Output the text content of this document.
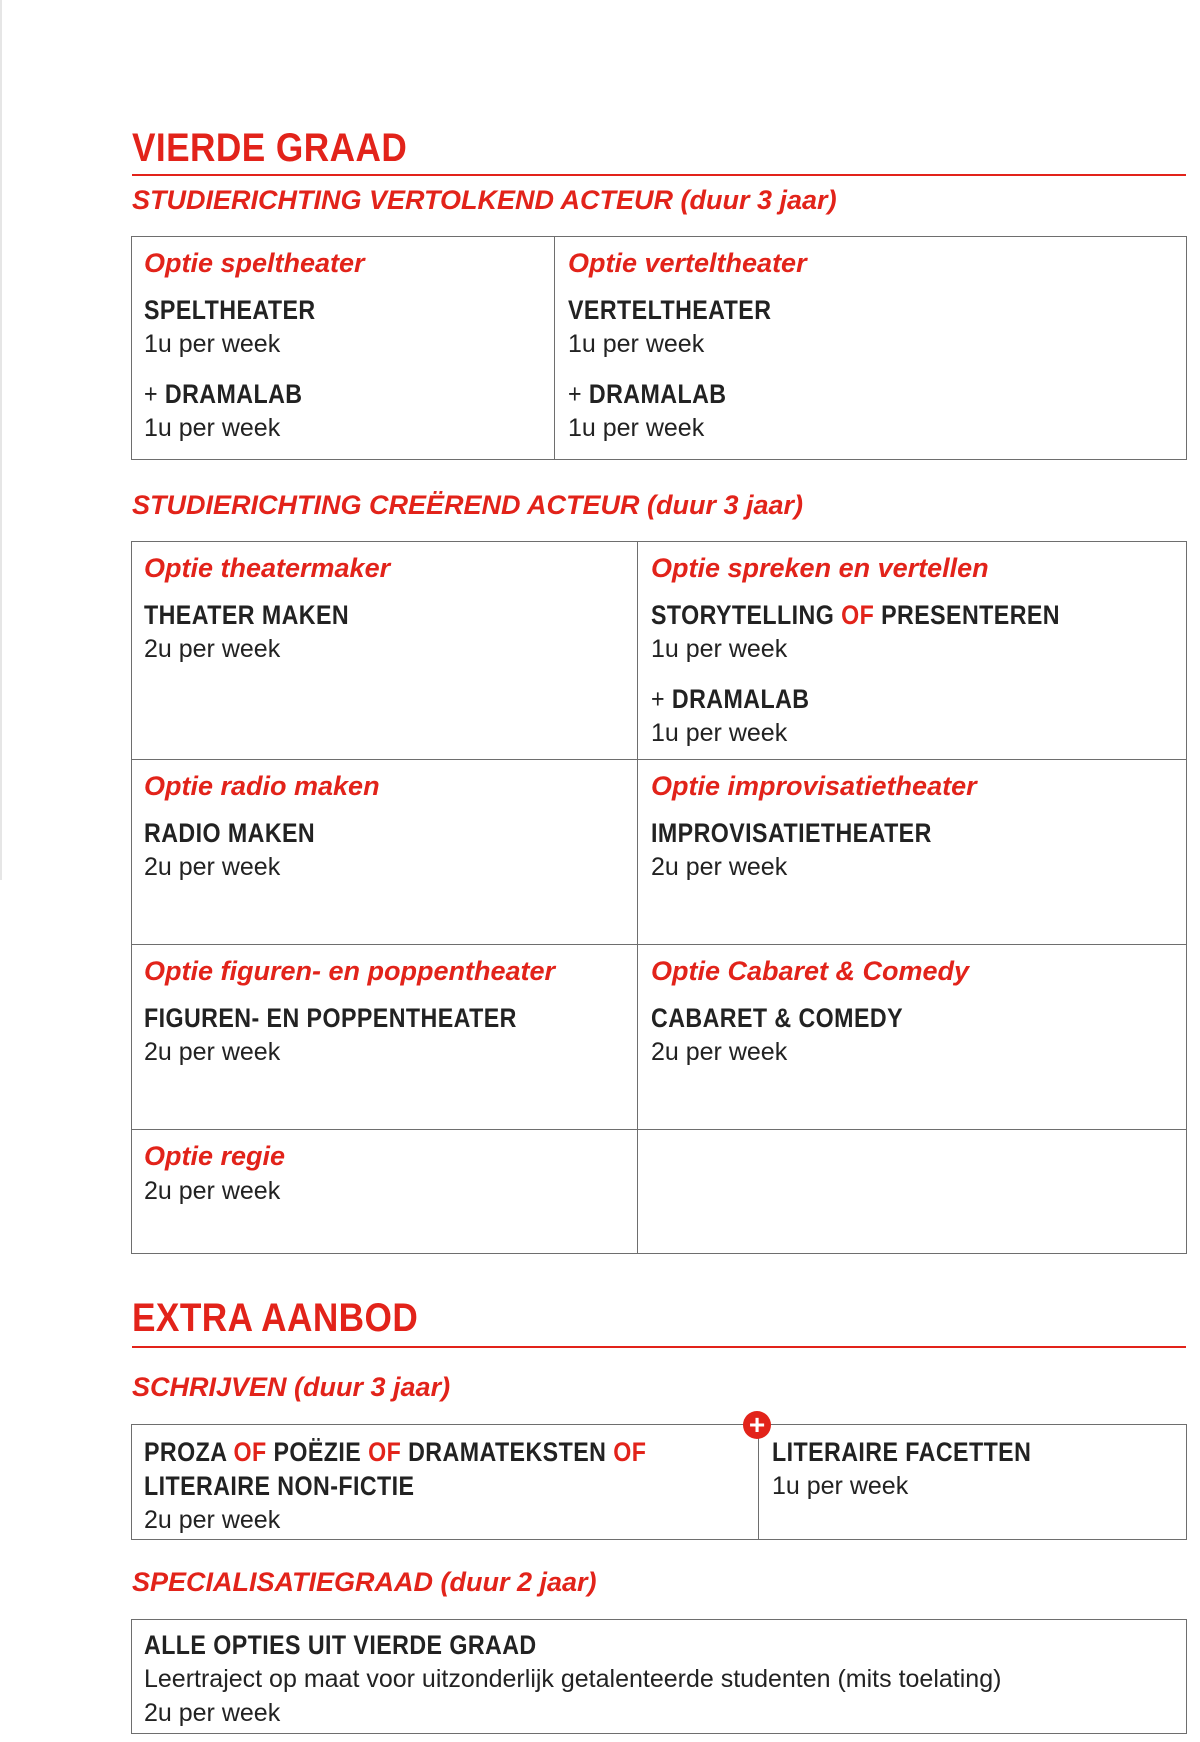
VIERDE GRAAD
STUDIERICHTING VERTOLKEND ACTEUR (duur 3 jaar)
Optie speltheater
SPELTHEATER
1u per week
+ DRAMALAB
1u per week
Optie verteltheater
VERTELTHEATER
1u per week
+ DRAMALAB
1u per week
STUDIERICHTING CREËREND ACTEUR (duur 3 jaar)
Optie theatermaker
THEATER MAKEN
2u per week
Optie spreken en vertellen
STORYTELLING OF PRESENTEREN
1u per week
+ DRAMALAB
1u per week
Optie radio maken
RADIO MAKEN
2u per week
Optie improvisatietheater
IMPROVISATIETHEATER
2u per week
Optie figuren- en poppentheater
FIGUREN- EN POPPENTHEATER
2u per week
Optie Cabaret & Comedy
CABARET & COMEDY
2u per week
Optie regie
2u per week
EXTRA AANBOD
SCHRIJVEN (duur 3 jaar)
PROZA OF POËZIE OF DRAMATEKSTEN OF
LITERAIRE NON-FICTIE
2u per week
LITERAIRE FACETTEN
1u per week
+
SPECIALISATIEGRAAD (duur 2 jaar)
ALLE OPTIES UIT VIERDE GRAAD
Leertraject op maat voor uitzonderlijk getalenteerde studenten (mits toelating)
2u per week
